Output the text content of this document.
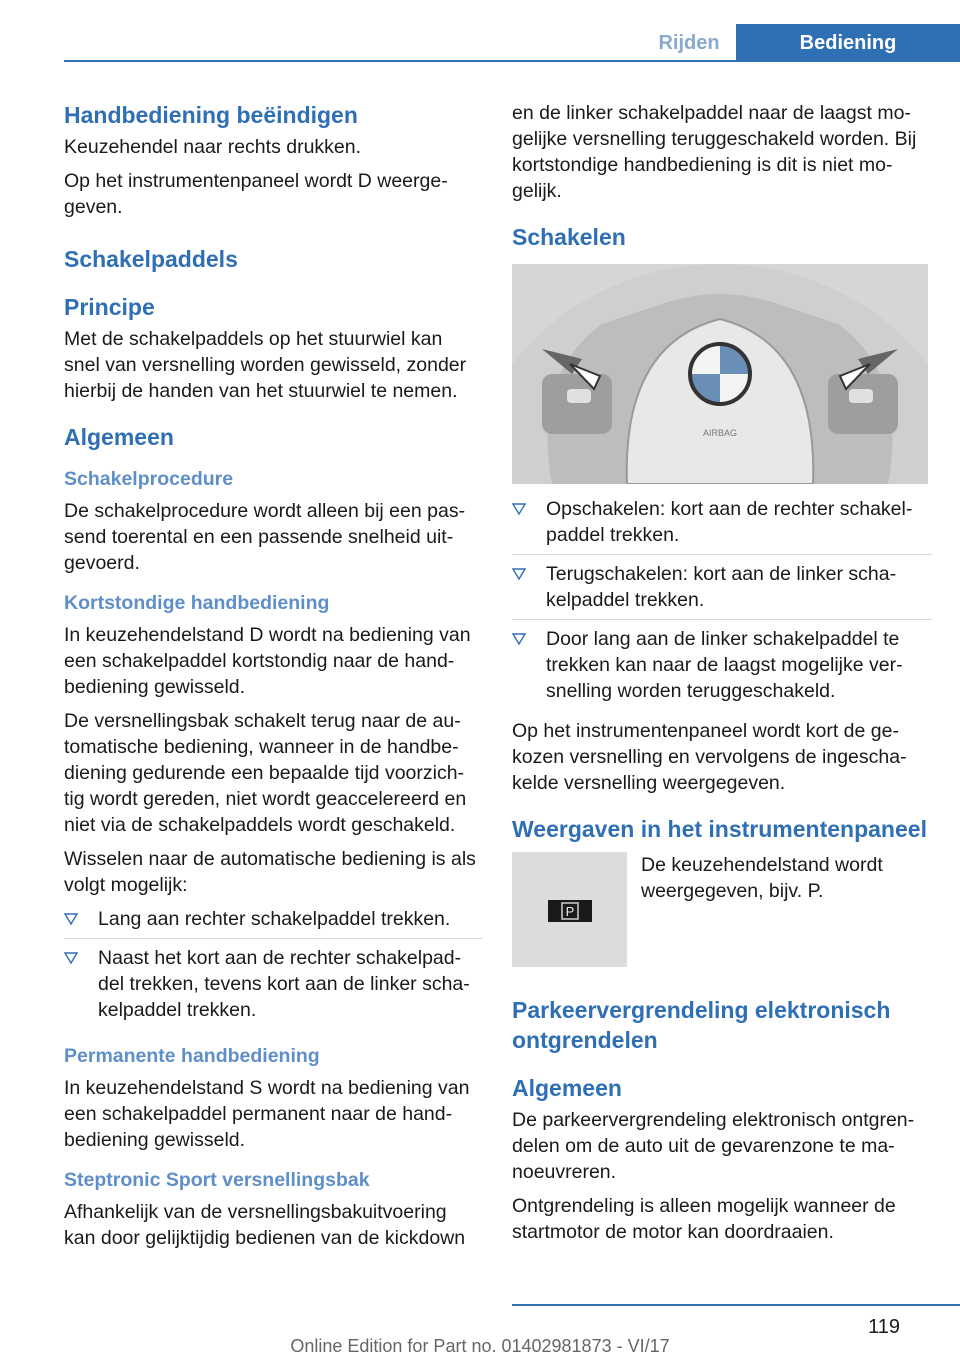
Rijden	Bediening
Handbediening beëindigen

Keuzehendel naar rechts drukken.

Op het instrumentenpaneel wordt D weerge-geven.

Schakelpaddels
Principe

Met de schakelpaddels op het stuurwiel kan snel van versnelling worden gewisseld, zonder hierbij de handen van het stuurwiel te nemen.

Algemeen
Schakelprocedure

De schakelprocedure wordt alleen bij een pas-send toerental en een passende snelheid uit-gevoerd.

Kortstondige handbediening

In keuzehendelstand D wordt na bediening van een schakelpaddel kortstondig naar de hand-bediening gewisseld.

De versnellingsbak schakelt terug naar de au-tomatische bediening, wanneer in de handbe-diening gedurende een bepaalde tijd voorzich-tig wordt gereden, niet wordt geaccelereerd en niet via de schakelpaddels wordt geschakeld.

Wisselen naar de automatische bediening is als volgt mogelijk:

Lang aan rechter schakelpaddel trekken.
Naast het kort aan de rechter schakelpad-del trekken, tevens kort aan de linker scha-kelpaddel trekken.
Permanente handbediening

In keuzehendelstand S wordt na bediening van een schakelpaddel permanent naar de hand-bediening gewisseld.

Steptronic Sport versnellingsbak

Afhankelijk van de versnellingsbakuitvoering kan door gelijktijdig bedienen van de kickdown

en de linker schakelpaddel naar de laagst mo-gelijke versnelling teruggeschakeld worden. Bij kortstondige handbediening is dit is niet mo-gelijk.

Schakelen
AIRBAG
Opschakelen: kort aan de rechter schakel-paddel trekken.
Terugschakelen: kort aan de linker scha-kelpaddel trekken.
Door lang aan de linker schakelpaddel te trekken kan naar de laagst mogelijke ver-snelling worden teruggeschakeld.

Op het instrumentenpaneel wordt kort de ge-kozen versnelling en vervolgens de ingescha-kelde versnelling weergegeven.

Weergaven in het instrumentenpaneel
P

De keuzehendelstand wordt weergegeven, bijv. P.

Parkeervergrendeling elektronisch ontgrendelen
Algemeen

De parkeervergrendeling elektronisch ontgren-delen om de auto uit de gevarenzone te ma-noeuvreren.

Ontgrendeling is alleen mogelijk wanneer de startmotor de motor kan doordraaien.

119
Online Edition for Part no. 01402981873 - VI/17
